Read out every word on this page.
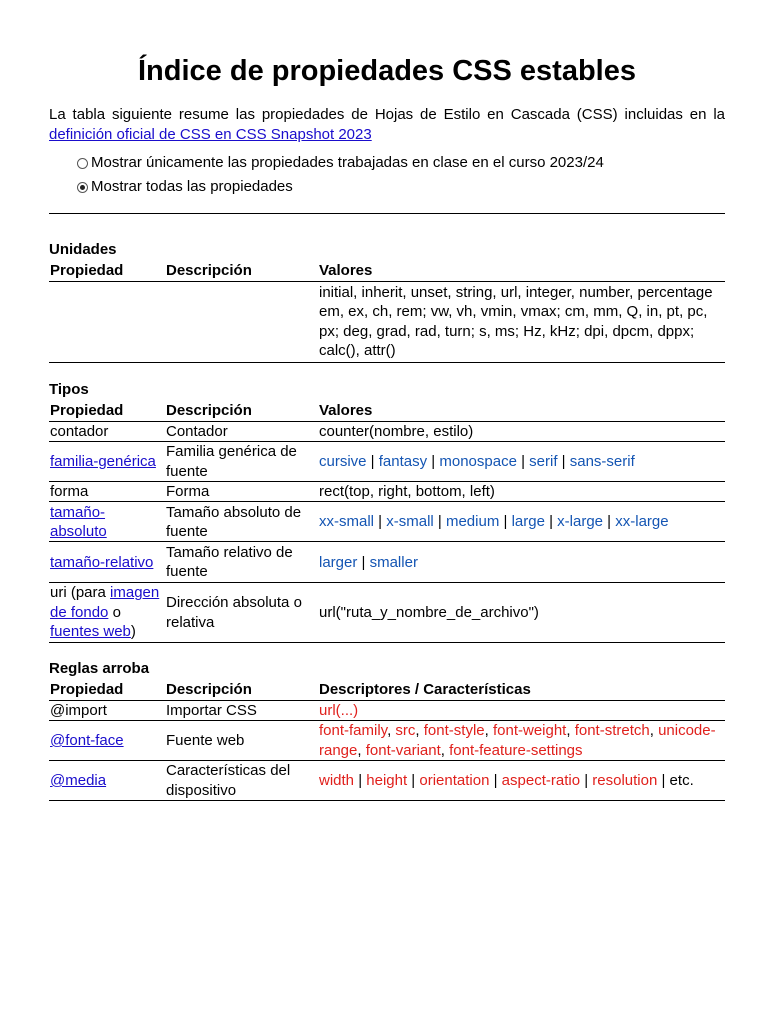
Índice de propiedades CSS estables
La tabla siguiente resume las propiedades de Hojas de Estilo en Cascada (CSS) incluidas en la definición oficial de CSS en CSS Snapshot 2023
Mostrar únicamente las propiedades trabajadas en clase en el curso 2023/24
Mostrar todas las propiedades
Unidades
Propiedad	Descripción	Valores

		initial, inherit, unset, string, url, integer, number, percentage
em, ex, ch, rem; vw, vh, vmin, vmax; cm, mm, Q, in, pt, pc, px; deg, grad, rad, turn; s, ms; Hz, kHz; dpi, dpcm, dppx;
calc(), attr()
Tipos
Propiedad	Descripción	Valores
contador	Contador	counter(nombre, estilo)
familia-genérica	Familia genérica de fuente	cursive | fantasy | monospace | serif | sans-serif
forma	Forma	rect(top, right, bottom, left)
tamaño-absoluto	Tamaño absoluto de fuente	xx-small | x-small | medium | large | x-large | xx-large
tamaño-relativo	Tamaño relativo de fuente	larger | smaller
uri (para imagen de fondo o fuentes web)	Dirección absoluta o relativa	url("ruta_y_nombre_de_archivo")
Reglas arroba
Propiedad	Descripción	Descriptores / Características
@import	Importar CSS	url(...)
@font-face	Fuente web	font-family, src, font-style, font-weight, font-stretch, unicode-range, font-variant, font-feature-settings
@media	Características del dispositivo	width | height | orientation | aspect-ratio | resolution | etc.
